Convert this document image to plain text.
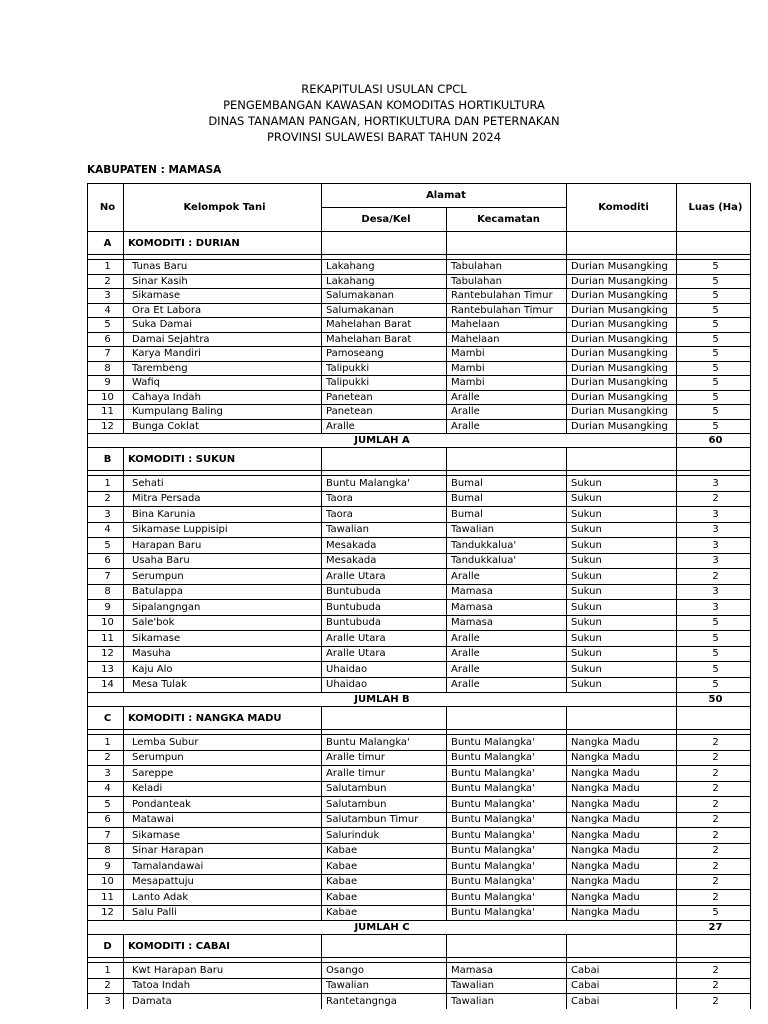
REKAPITULASI USULAN CPCL
PENGEMBANGAN KAWASAN KOMODITAS HORTIKULTURA
DINAS TANAMAN PANGAN, HORTIKULTURA DAN PETERNAKAN
PROVINSI SULAWESI BARAT TAHUN 2024
KABUPATEN : MAMASA
No	Kelompok Tani	Alamat		Komoditi	Luas (Ha)
		Desa/Kel	Kecamatan		
A	KOMODITI : DURIAN				

1	Tunas Baru	Lakahang	Tabulahan	Durian Musangking	5
2	Sinar Kasih	Lakahang	Tabulahan	Durian Musangking	5
3	Sikamase	Salumakanan	Rantebulahan Timur	Durian Musangking	5
4	Ora Et Labora	Salumakanan	Rantebulahan Timur	Durian Musangking	5
5	Suka Damai	Mahelahan Barat	Mahelaan	Durian Musangking	5
6	Damai Sejahtra	Mahelahan Barat	Mahelaan	Durian Musangking	5
7	Karya Mandiri	Pamoseang	Mambi	Durian Musangking	5
8	Tarembeng	Talipukki	Mambi	Durian Musangking	5
9	Wafiq	Talipukki	Mambi	Durian Musangking	5
10	Cahaya Indah	Panetean	Aralle	Durian Musangking	5
11	Kumpulang Baling	Panetean	Aralle	Durian Musangking	5
12	Bunga Coklat	Aralle	Aralle	Durian Musangking	5
JUMLAH A					60
B	KOMODITI : SUKUN				

1	Sehati	Buntu Malangka'	Bumal	Sukun	3
2	Mitra Persada	Taora	Bumal	Sukun	2
3	Bina Karunia	Taora	Bumal	Sukun	3
4	Sikamase Luppisipi	Tawalian	Tawalian	Sukun	3
5	Harapan Baru	Mesakada	Tandukkalua'	Sukun	3
6	Usaha Baru	Mesakada	Tandukkalua'	Sukun	3
7	Serumpun	Aralle Utara	Aralle	Sukun	2
8	Batulappa	Buntubuda	Mamasa	Sukun	3
9	Sipalangngan	Buntubuda	Mamasa	Sukun	3
10	Sale'bok	Buntubuda	Mamasa	Sukun	5
11	Sikamase	Aralle Utara	Aralle	Sukun	5
12	Masuha	Aralle Utara	Aralle	Sukun	5
13	Kaju Alo	Uhaidao	Aralle	Sukun	5
14	Mesa Tulak	Uhaidao	Aralle	Sukun	5
JUMLAH B					50
C	KOMODITI : NANGKA MADU				

1	Lemba Subur	Buntu Malangka'	Buntu Malangka'	Nangka Madu	2
2	Serumpun	Aralle timur	Buntu Malangka'	Nangka Madu	2
3	Sareppe	Aralle timur	Buntu Malangka'	Nangka Madu	2
4	Keladi	Salutambun	Buntu Malangka'	Nangka Madu	2
5	Pondanteak	Salutambun	Buntu Malangka'	Nangka Madu	2
6	Matawai	Salutambun Timur	Buntu Malangka'	Nangka Madu	2
7	Sikamase	Salurinduk	Buntu Malangka'	Nangka Madu	2
8	Sinar Harapan	Kabae	Buntu Malangka'	Nangka Madu	2
9	Tamalandawai	Kabae	Buntu Malangka'	Nangka Madu	2
10	Mesapattuju	Kabae	Buntu Malangka'	Nangka Madu	2
11	Lanto Adak	Kabae	Buntu Malangka'	Nangka Madu	2
12	Salu Palli	Kabae	Buntu Malangka'	Nangka Madu	5
JUMLAH C					27
D	KOMODITI : CABAI				

1	Kwt Harapan Baru	Osango	Mamasa	Cabai	2
2	Tatoa Indah	Tawalian	Tawalian	Cabai	2
3	Damata	Rantetangnga	Tawalian	Cabai	2
